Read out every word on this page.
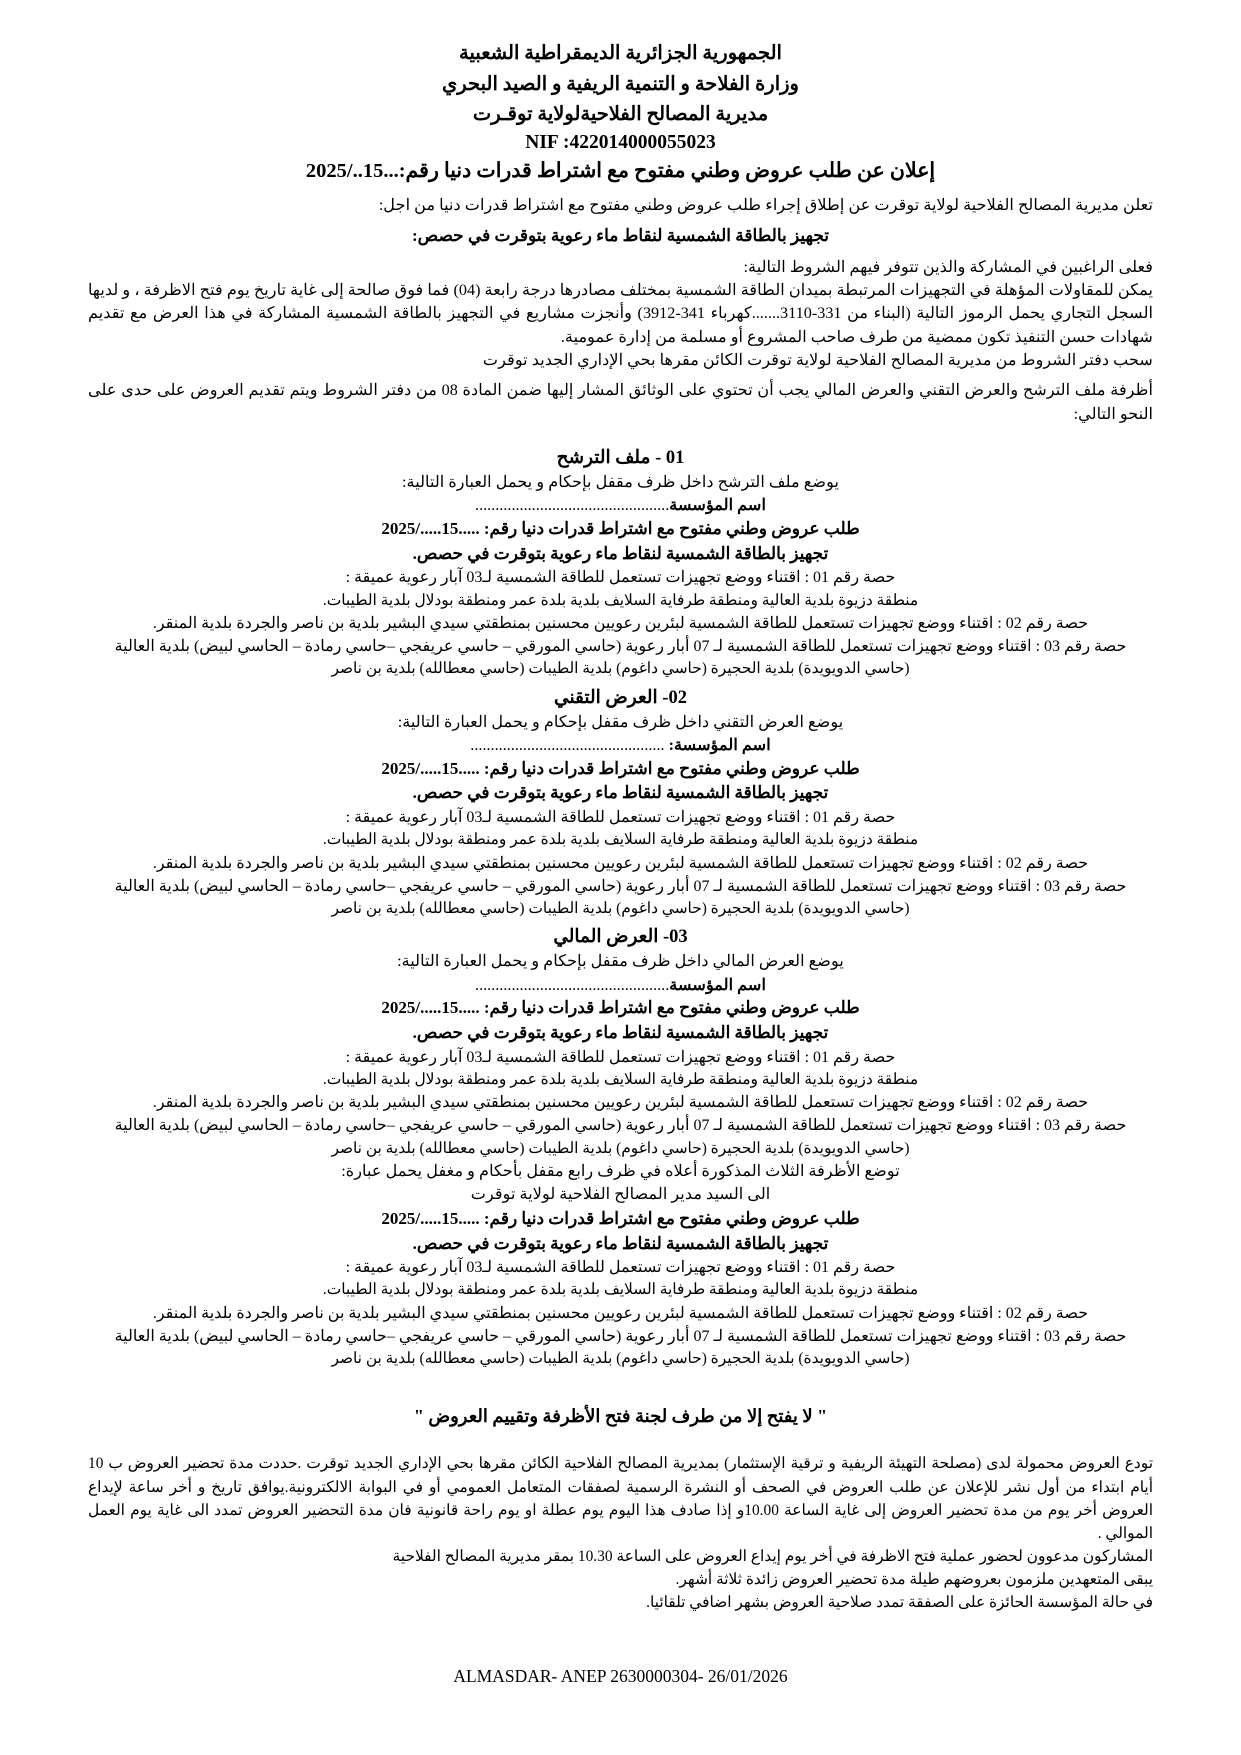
الجمهورية الجزائرية الديمقراطية الشعبية
وزارة الفلاحة و التنمية الريفية و الصيد البحري
مديرية المصالح الفلاحيةلولاية توقـرت
NIF :422014000055023
إعلان عن طلب عروض وطني مفتوح مع اشتراط قدرات دنيا رقم:...15../2025

تعلن مديرية المصالح الفلاحية لولاية توقرت عن إطلاق إجراء طلب عروض وطني مفتوح مع اشتراط قدرات دنيا من اجل:

تجهيز بالطاقة الشمسية لنقاط ماء رعوية بتوقرت في حصص:

فعلى الراغبين في المشاركة والذين تتوفر فيهم الشروط التالية:

يمكن للمقاولات المؤهلة في التجهيزات المرتبطة بميدان الطاقة الشمسية بمختلف مصادرها درجة رابعة (04) فما فوق صالحة إلى غاية تاريخ يوم فتح الاظرفة ، و لديها السجل التجاري يحمل الرموز التالية (البناء من 331-3110.......كهرباء 341-3912) وأنجزت مشاريع في التجهيز بالطاقة الشمسية المشاركة في هذا العرض مع تقديم شهادات حسن التنفيذ تكون ممضية من طرف صاحب المشروع أو مسلمة من إدارة عمومية.

سحب دفتر الشروط من مديرية المصالح الفلاحية لولاية توقرت الكائن مقرها بحي الإداري الجديد توقرت

أظرفة ملف الترشح والعرض التقني والعرض المالي يجب أن تحتوي على الوثائق المشار إليها ضمن المادة 08 من دفتر الشروط ويتم تقديم العروض على حدى على النحو التالي:

01 - ملف الترشح
يوضع ملف الترشح داخل ظرف مقفل بإحكام و يحمل العبارة التالية:
اسم المؤسسة................................................
طلب عروض وطني مفتوح مع اشتراط قدرات دنيا رقم: .....15...../2025
تجهيز بالطاقة الشمسية لنقاط ماء رعوية بتوقرت في حصص.
حصة رقم 01 : اقتناء ووضع تجهيزات تستعمل للطاقة الشمسية لـ03 آبار رعوية عميقة :
منطقة دزيوة بلدية العالية ومنطقة طرفاية السلايف بلدية بلدة عمر ومنطقة بودلال بلدية الطيبات.
حصة رقم 02 : اقتناء ووضع تجهيزات تستعمل للطاقة الشمسية لبئرين رعويين محسنين بمنطقتي سيدي البشير بلدية بن ناصر والجردة بلدية المنقر.
حصة رقم 03 : اقتناء ووضع تجهيزات تستعمل للطاقة الشمسية لـ 07 أبار رعوية (حاسي المورقي – حاسي عريفجي –حاسي رمادة – الحاسي لبيض) بلدية العالية
(حاسي الدويويدة) بلدية الحجيرة (حاسي داغوم) بلدية الطيبات (حاسي معطالله) بلدية بن ناصر
02- العرض التقني
يوضع العرض التقني داخل ظرف مقفل بإحكام و يحمل العبارة التالية:
اسم المؤسسة: ................................................
طلب عروض وطني مفتوح مع اشتراط قدرات دنيا رقم: .....15...../2025
تجهيز بالطاقة الشمسية لنقاط ماء رعوية بتوقرت في حصص.
حصة رقم 01 : اقتناء ووضع تجهيزات تستعمل للطاقة الشمسية لـ03 آبار رعوية عميقة :
منطقة دزيوة بلدية العالية ومنطقة طرفاية السلايف بلدية بلدة عمر ومنطقة بودلال بلدية الطيبات.
حصة رقم 02 : اقتناء ووضع تجهيزات تستعمل للطاقة الشمسية لبئرين رعويين محسنين بمنطقتي سيدي البشير بلدية بن ناصر والجردة بلدية المنقر.
حصة رقم 03 : اقتناء ووضع تجهيزات تستعمل للطاقة الشمسية لـ 07 أبار رعوية (حاسي المورقي – حاسي عريفجي –حاسي رمادة – الحاسي لبيض) بلدية العالية
(حاسي الدويويدة) بلدية الحجيرة (حاسي داغوم) بلدية الطيبات (حاسي معطالله) بلدية بن ناصر
03- العرض المالي
يوضع العرض المالي داخل ظرف مقفل بإحكام و يحمل العبارة التالية:
اسم المؤسسة................................................
طلب عروض وطني مفتوح مع اشتراط قدرات دنيا رقم: .....15...../2025
تجهيز بالطاقة الشمسية لنقاط ماء رعوية بتوقرت في حصص.
حصة رقم 01 : اقتناء ووضع تجهيزات تستعمل للطاقة الشمسية لـ03 آبار رعوية عميقة :
منطقة دزيوة بلدية العالية ومنطقة طرفاية السلايف بلدية بلدة عمر ومنطقة بودلال بلدية الطيبات.
حصة رقم 02 : اقتناء ووضع تجهيزات تستعمل للطاقة الشمسية لبئرين رعويين محسنين بمنطقتي سيدي البشير بلدية بن ناصر والجردة بلدية المنقر.
حصة رقم 03 : اقتناء ووضع تجهيزات تستعمل للطاقة الشمسية لـ 07 أبار رعوية (حاسي المورقي – حاسي عريفجي –حاسي رمادة – الحاسي لبيض) بلدية العالية
(حاسي الدويويدة) بلدية الحجيرة (حاسي داغوم) بلدية الطيبات (حاسي معطالله) بلدية بن ناصر
توضع الأظرفة الثلاث المذكورة أعلاه في ظرف رابع مقفل بأحكام و مغفل يحمل عبارة:
الى السيد مدير المصالح الفلاحية لولاية توقرت
طلب عروض وطني مفتوح مع اشتراط قدرات دنيا رقم: .....15...../2025
تجهيز بالطاقة الشمسية لنقاط ماء رعوية بتوقرت في حصص.
حصة رقم 01 : اقتناء ووضع تجهيزات تستعمل للطاقة الشمسية لـ03 آبار رعوية عميقة :
منطقة دزيوة بلدية العالية ومنطقة طرفاية السلايف بلدية بلدة عمر ومنطقة بودلال بلدية الطيبات.
حصة رقم 02 : اقتناء ووضع تجهيزات تستعمل للطاقة الشمسية لبئرين رعويين محسنين بمنطقتي سيدي البشير بلدية بن ناصر والجردة بلدية المنقر.
حصة رقم 03 : اقتناء ووضع تجهيزات تستعمل للطاقة الشمسية لـ 07 أبار رعوية (حاسي المورقي – حاسي عريفجي –حاسي رمادة – الحاسي لبيض) بلدية العالية
(حاسي الدويويدة) بلدية الحجيرة (حاسي داغوم) بلدية الطيبات (حاسي معطالله) بلدية بن ناصر
" لا يفتح إلا من طرف لجنة فتح الأظرفة وتقييم العروض "

تودع العروض محمولة لدى (مصلحة التهيئة الريفية و ترقية الإستثمار) بمديرية المصالح الفلاحية الكائن مقرها بحي الإداري الجديد توقرت .حددت مدة تحضير العروض ب 10 أيام ابتداء من أول نشر للإعلان عن طلب العروض في الصحف أو النشرة الرسمية لصفقات المتعامل العمومي أو في البوابة الالكترونية.يوافق تاريخ و أخر ساعة لإيداع العروض أخر يوم من مدة تحضير العروض إلى غاية الساعة 10.00و إذا صادف هذا اليوم يوم عطلة او يوم راحة قانونية فان مدة التحضير العروض تمدد الى غاية يوم العمل الموالي .

المشاركون مدعوون لحضور عملية فتح الاظرفة في أخر يوم إيداع العروض على الساعة 10.30 بمقر مديرية المصالح الفلاحية

يبقى المتعهدين ملزمون بعروضهم طيلة مدة تحضير العروض زائدة ثلاثة أشهر.

في حالة المؤسسة الحائزة على الصفقة تمدد صلاحية العروض بشهر اضافي تلقائيا.

ALMASDAR- ANEP 2630000304- 26/01/2026
